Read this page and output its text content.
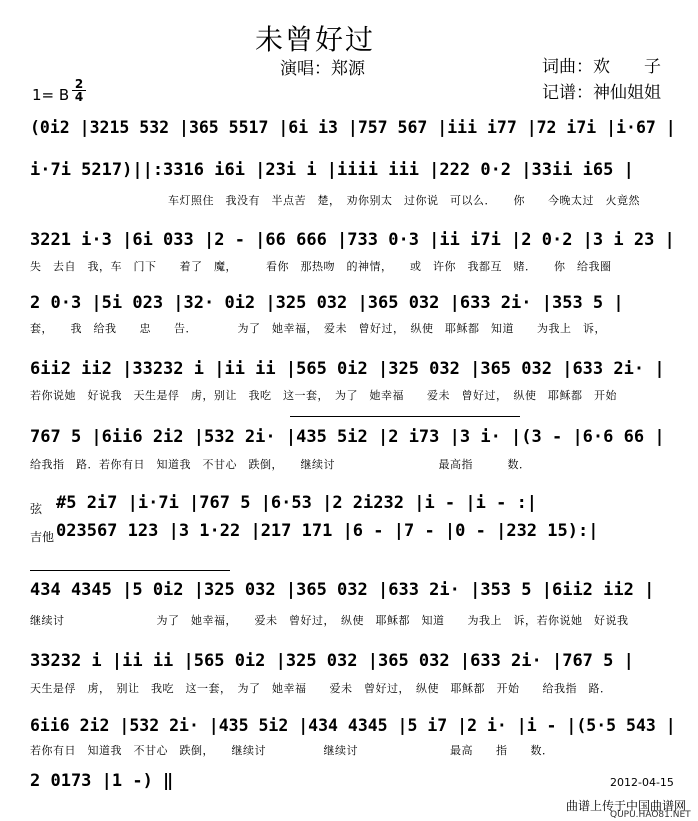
未曾好过
演唱：郑源	词曲：欢　　子
记谱：神仙姐姐
1= B
2
4
(0i2 |3215 532 |365 5517 |6i i3 |757 567 |iii i77 |72 i7i |i·67 |
i·7i 5217)||:3316 i6i |23i i |iiii iii |222 0·2 |33ii i65 |
车灯照住　我没有　半点苦　楚，　劝你别太　过你说　可以么．　　你　　今晚太过　火竟然
3221 i·3 |6i 033 |2 - |66 666 |733 0·3 |ii i7i |2 0·2 |3 i 23 |
失　去自　我，车　门下　　着了　魔，　　　看你　那热吻　的神情，　　或　许你　我都互　赌．　　你　给我圈
2 0·3 |5i 023 |32· 0i2 |325 032 |365 032 |633 2i· |353 5 |
套，　　我　给我　　忠　　告．　　　　为了　她幸福，　爱未　曾好过，　纵使　耶稣都　知道　　为我上　诉，
6ii2 ii2 |33232 i |ii ii |565 0i2 |325 032 |365 032 |633 2i· |
若你说她　好说我　天生是俘　虏，别让　我吃　这一套，　为了　她幸福　　爱未　曾好过，　纵使　耶稣都　开始
767 5 |6ii6 2i2 |532 2i· |435 5i2 |2 i73 |3 i· |(3 - |6·6 66 |
给我指　路．若你有日　知道我　不甘心　跌倒，　　继续讨　　　　　　　　　最高指　　　数．
弦 #5 2i7 |i·7i |767 5 |6·53 |2 2i232 |i - |i - :|
吉他 023567 123 |3 1·22 |217 171 |6 - |7 - |0 - |232 15):|
434 4345 |5 0i2 |325 032 |365 032 |633 2i· |353 5 |6ii2 ii2 |
继续讨　　　　　　　　为了　她幸福，　　爱未　曾好过，　纵使　耶稣都　知道　　为我上　诉，若你说她　好说我
33232 i |ii ii |565 0i2 |325 032 |365 032 |633 2i· |767 5 |
天生是俘　虏，　别让　我吃　这一套，　为了　她幸福　　爱未　曾好过，　纵使　耶稣都　开始　　给我指　路．
6ii6 2i2 |532 2i· |435 5i2 |434 4345 |5 i7 |2 i· |i - |(5·5 543 |
若你有日　知道我　不甘心　跌倒，　　继续讨　　　　　继续讨　　　　　　　　最高　　指　　数．
2 0173 |1 -) ‖	2012-04-15
曲谱上传于中国曲谱网
QUPU.HAO81.NET
